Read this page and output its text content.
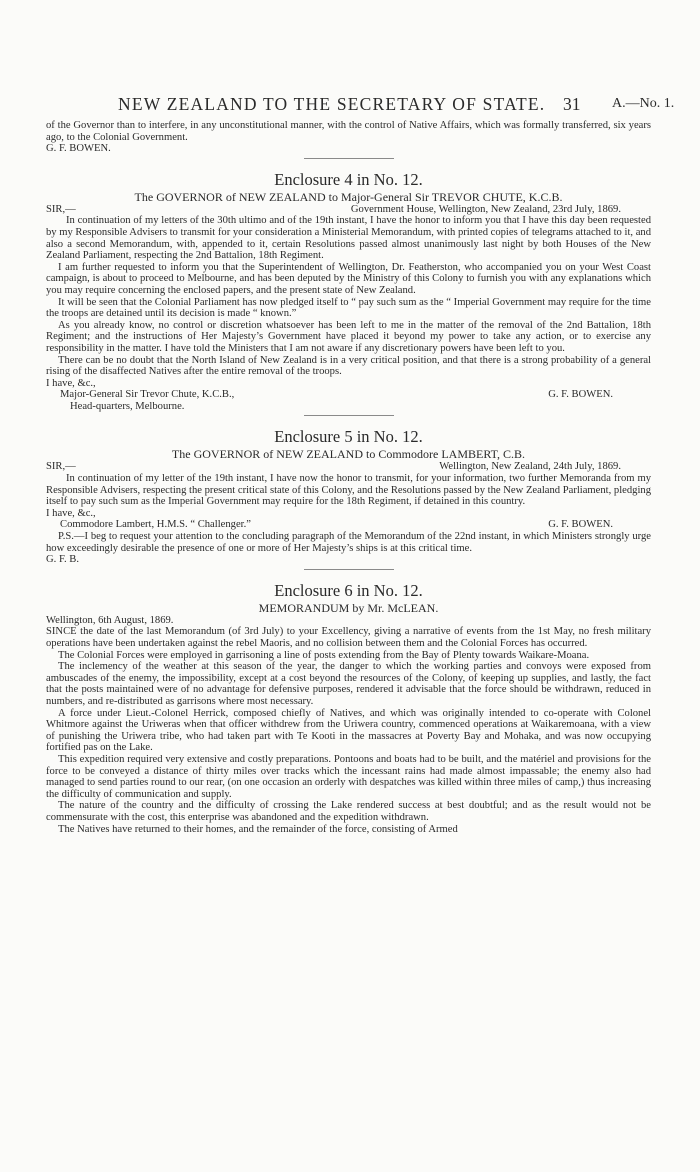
NEW ZEALAND TO THE SECRETARY OF STATE. 31 A.—No. 1.

of the Governor than to interfere, in any unconstitutional manner, with the control of Native Affairs, which was formally transferred, six years ago, to the Colonial Government.

G. F. BOWEN.

Enclosure 4 in No. 12.
The GOVERNOR of NEW ZEALAND to Major-General Sir TREVOR CHUTE, K.C.B.
SIR,—	Government House, Wellington, New Zealand, 23rd July, 1869.

In continuation of my letters of the 30th ultimo and of the 19th instant, I have the honor to inform you that I have this day been requested by my Responsible Advisers to transmit for your consideration a Ministerial Memorandum, with printed copies of telegrams attached to it, and also a second Memorandum, with, appended to it, certain Resolutions passed almost unanimously last night by both Houses of the New Zealand Parliament, respecting the 2nd Battalion, 18th Regiment.

I am further requested to inform you that the Superintendent of Wellington, Dr. Featherston, who accompanied you on your West Coast campaign, is about to proceed to Melbourne, and has been deputed by the Ministry of this Colony to furnish you with any explanations which you may require concerning the enclosed papers, and the present state of New Zealand.

It will be seen that the Colonial Parliament has now pledged itself to “ pay such sum as the “ Imperial Government may require for the time the troops are detained until its decision is made “ known.”

As you already know, no control or discretion whatsoever has been left to me in the matter of the removal of the 2nd Battalion, 18th Regiment; and the instructions of Her Majesty’s Government have placed it beyond my power to take any action, or to exercise any responsibility in the matter. I have told the Ministers that I am not aware if any discretionary powers have been left to you.

There can be no doubt that the North Island of New Zealand is in a very critical position, and that there is a strong probability of a general rising of the disaffected Natives after the entire removal of the troops.

I have, &c.,

Major-General Sir Trevor Chute, K.C.B.,	G. F. BOWEN.
Head-quarters, Melbourne.
Enclosure 5 in No. 12.
The GOVERNOR of NEW ZEALAND to Commodore LAMBERT, C.B.
SIR,—	Wellington, New Zealand, 24th July, 1869.

In continuation of my letter of the 19th instant, I have now the honor to transmit, for your information, two further Memoranda from my Responsible Advisers, respecting the present critical state of this Colony, and the Resolutions passed by the New Zealand Parliament, pledging itself to pay such sum as the Imperial Government may require for the 18th Regiment, if detained in this country.

I have, &c.,

Commodore Lambert, H.M.S. “ Challenger.”	G. F. BOWEN.

P.S.—I beg to request your attention to the concluding paragraph of the Memorandum of the 22nd instant, in which Ministers strongly urge how exceedingly desirable the presence of one or more of Her Majesty’s ships is at this critical time.

G. F. B.

Enclosure 6 in No. 12.
MEMORANDUM by Mr. McLEAN.

Wellington, 6th August, 1869.

SINCE the date of the last Memorandum (of 3rd July) to your Excellency, giving a narrative of events from the 1st May, no fresh military operations have been undertaken against the rebel Maoris, and no collision between them and the Colonial Forces has occurred.

The Colonial Forces were employed in garrisoning a line of posts extending from the Bay of Plenty towards Waikare-Moana.

The inclemency of the weather at this season of the year, the danger to which the working parties and convoys were exposed from ambuscades of the enemy, the impossibility, except at a cost beyond the resources of the Colony, of keeping up supplies, and lastly, the fact that the posts maintained were of no advantage for defensive purposes, rendered it advisable that the force should be withdrawn, reduced in numbers, and re-distributed as garrisons where most necessary.

A force under Lieut.-Colonel Herrick, composed chiefly of Natives, and which was originally intended to co-operate with Colonel Whitmore against the Uriweras when that officer withdrew from the Uriwera country, commenced operations at Waikaremoana, with a view of punishing the Uriwera tribe, who had taken part with Te Kooti in the massacres at Poverty Bay and Mohaka, and was now occupying fortified pas on the Lake.

This expedition required very extensive and costly preparations. Pontoons and boats had to be built, and the matériel and provisions for the force to be conveyed a distance of thirty miles over tracks which the incessant rains had made almost impassable; the enemy also had managed to send parties round to our rear, (on one occasion an orderly with despatches was killed within three miles of camp,) thus increasing the difficulty of communication and supply.

The nature of the country and the difficulty of crossing the Lake rendered success at best doubtful; and as the result would not be commensurate with the cost, this enterprise was abandoned and the expedition withdrawn.

The Natives have returned to their homes, and the remainder of the force, consisting of Armed
